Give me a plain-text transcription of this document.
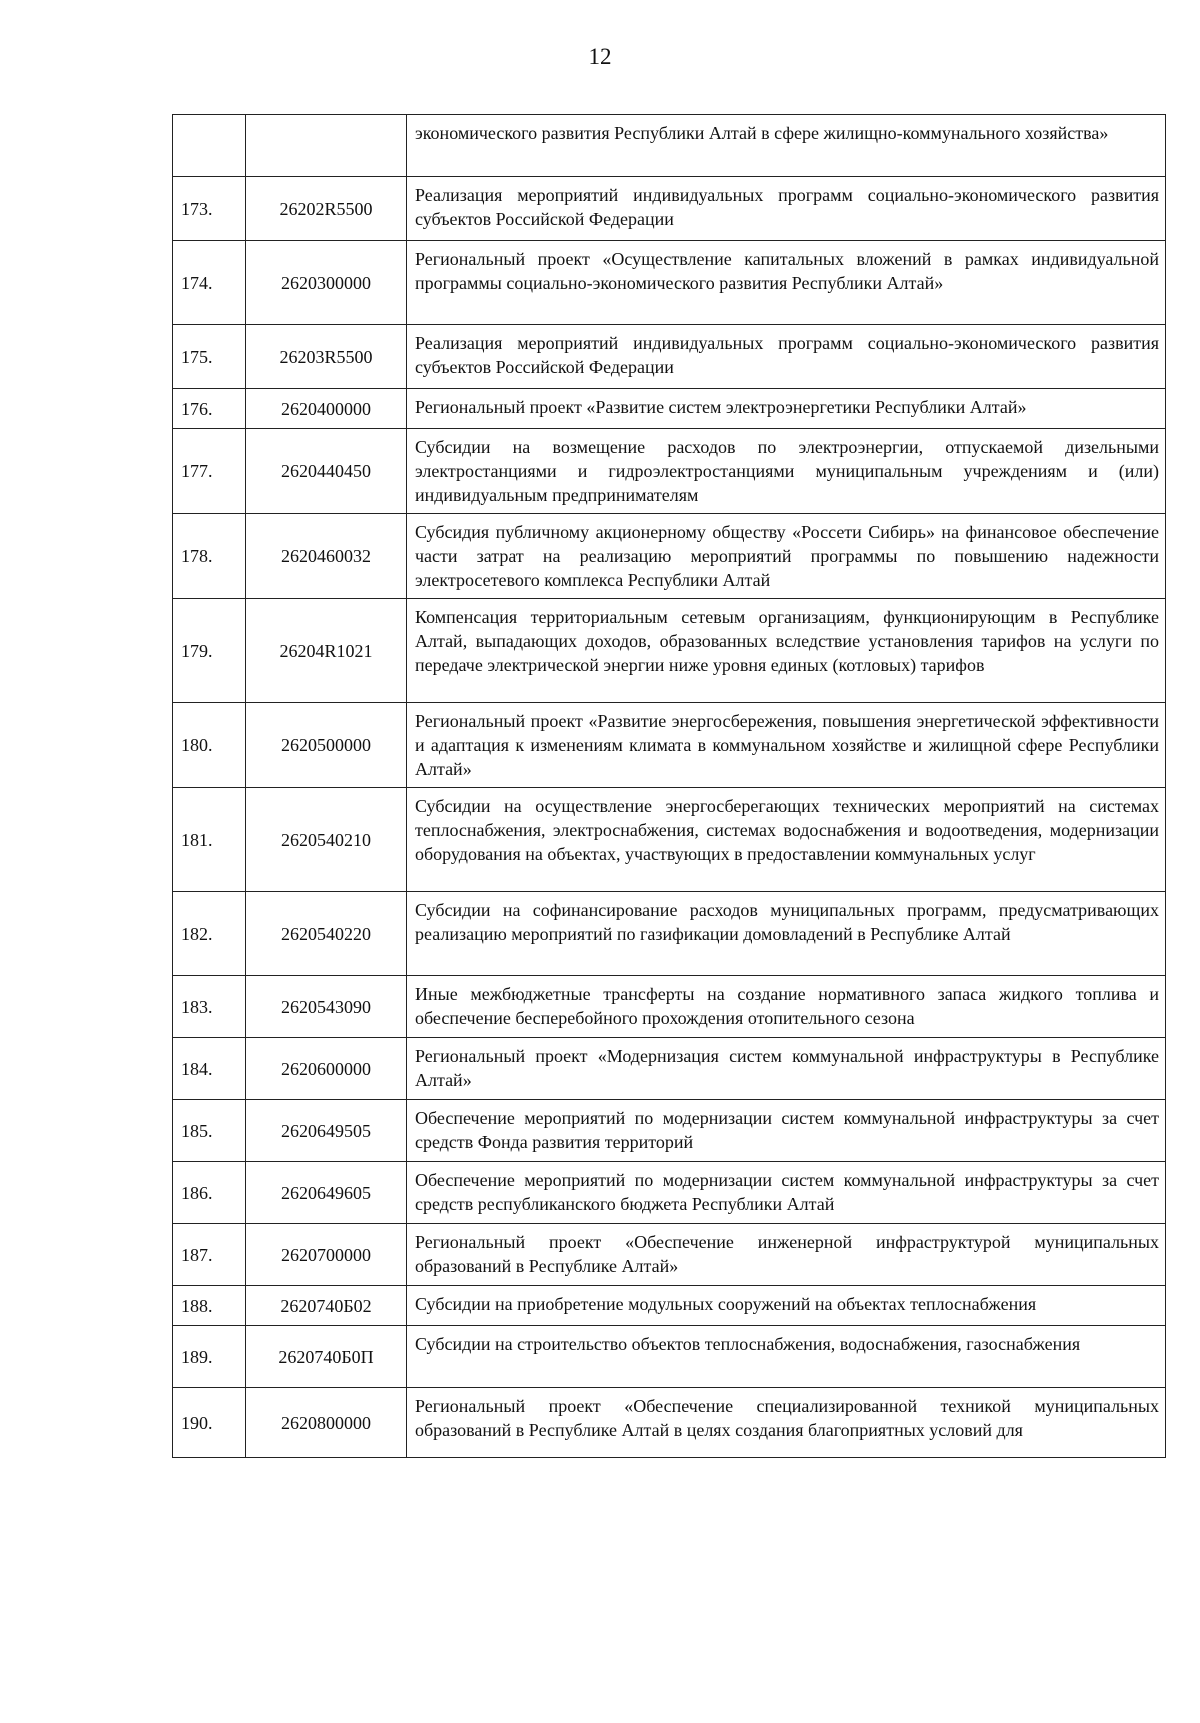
12
		экономического развития Республики Алтай в сфере жилищно-коммунального хозяйства»
173.	26202R5500	Реализация мероприятий индивидуальных программ социально-экономического развития субъектов Российской Федерации
174.	2620300000	Региональный проект «Осуществление капитальных вложений в рамках индивидуальной программы социально-экономического развития Республики Алтай»
175.	26203R5500	Реализация мероприятий индивидуальных программ социально-экономического развития субъектов Российской Федерации
176.	2620400000	Региональный проект «Развитие систем электроэнергетики Республики Алтай»
177.	2620440450	Субсидии на возмещение расходов по электроэнергии, отпускаемой дизельными электростанциями и гидроэлектростанциями муниципальным учреждениям и (или) индивидуальным предпринимателям
178.	2620460032	Субсидия публичному акционерному обществу «Россети Сибирь» на финансовое обеспечение части затрат на реализацию мероприятий программы по повышению надежности электросетевого комплекса Республики Алтай
179.	26204R1021	Компенсация территориальным сетевым организациям, функционирующим в Республике Алтай, выпадающих доходов, образованных вследствие установления тарифов на услуги по передаче электрической энергии ниже уровня единых (котловых) тарифов
180.	2620500000	Региональный проект «Развитие энергосбережения, повышения энергетической эффективности и адаптация к изменениям климата в коммунальном хозяйстве и жилищной сфере Республики Алтай»
181.	2620540210	Субсидии на осуществление энергосберегающих технических мероприятий на системах теплоснабжения, электроснабжения, системах водоснабжения и водоотведения, модернизации оборудования на объектах, участвующих в предоставлении коммунальных услуг
182.	2620540220	Субсидии на софинансирование расходов муниципальных программ, предусматривающих реализацию мероприятий по газификации домовладений в Республике Алтай
183.	2620543090	Иные межбюджетные трансферты на создание нормативного запаса жидкого топлива и обеспечение бесперебойного прохождения отопительного сезона
184.	2620600000	Региональный проект «Модернизация систем коммунальной инфраструктуры в Республике Алтай»
185.	2620649505	Обеспечение мероприятий по модернизации систем коммунальной инфраструктуры за счет средств Фонда развития территорий
186.	2620649605	Обеспечение мероприятий по модернизации систем коммунальной инфраструктуры за счет средств республиканского бюджета Республики Алтай
187.	2620700000	Региональный проект «Обеспечение инженерной инфраструктурой муниципальных образований в Республике Алтай»
188.	2620740Б02	Субсидии на приобретение модульных сооружений на объектах теплоснабжения
189.	2620740Б0П	Субсидии на строительство объектов теплоснабжения, водоснабжения, газоснабжения
190.	2620800000	Региональный проект «Обеспечение специализированной техникой муниципальных образований в Республике Алтай в целях создания благоприятных условий для
